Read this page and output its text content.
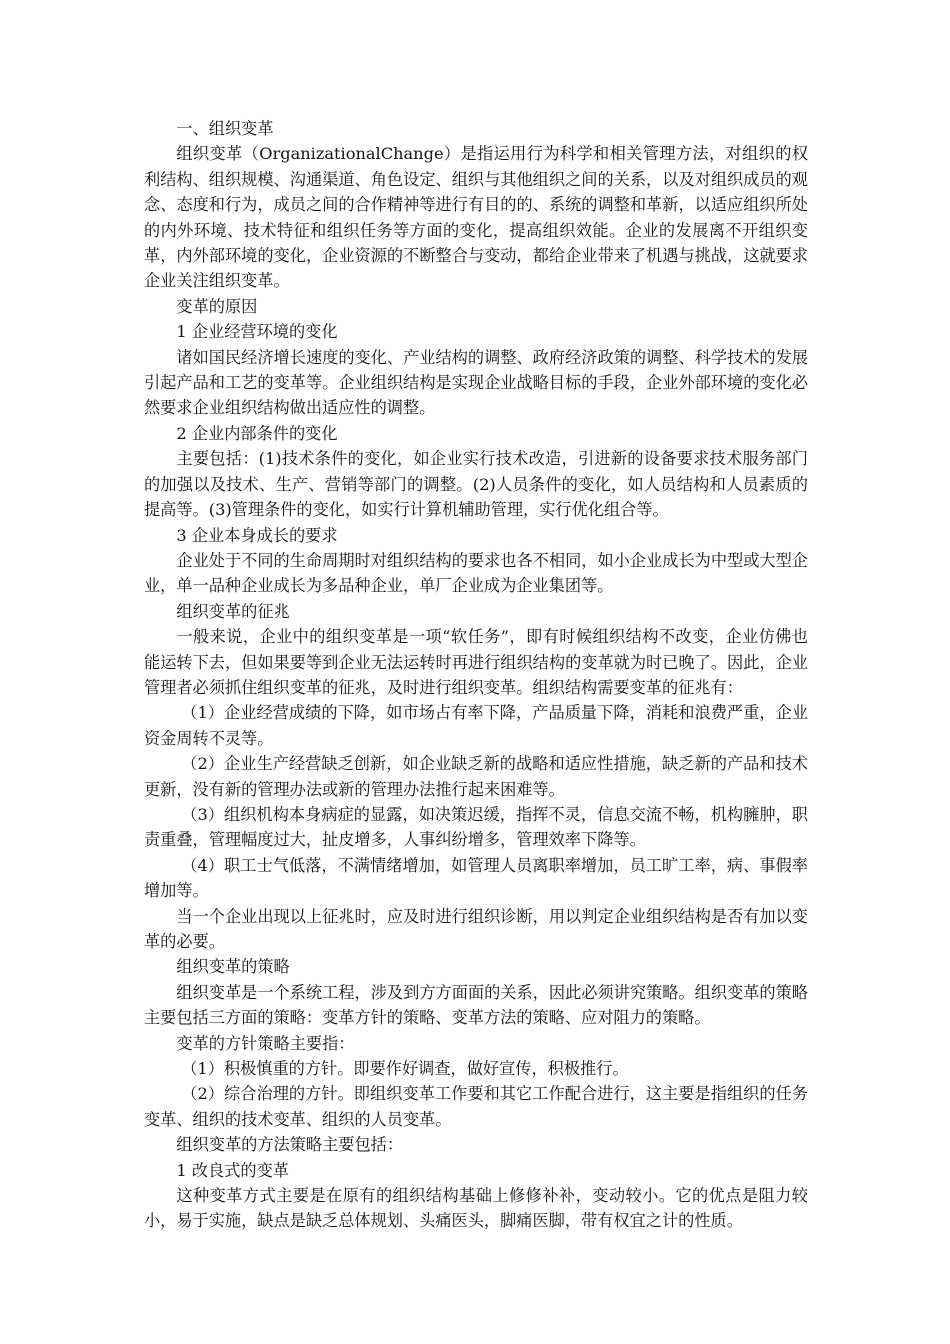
一、组织变革

组织变革（OrganizationalChange）是指运用行为科学和相关管理方法，对组织的权利结构、组织规模、沟通渠道、角色设定、组织与其他组织之间的关系，以及对组织成员的观念、态度和行为，成员之间的合作精神等进行有目的的、系统的调整和革新，以适应组织所处的内外环境、技术特征和组织任务等方面的变化，提高组织效能。企业的发展离不开组织变革，内外部环境的变化，企业资源的不断整合与变动，都给企业带来了机遇与挑战，这就要求企业关注组织变革。

变革的原因

1 企业经营环境的变化

诸如国民经济增长速度的变化、产业结构的调整、政府经济政策的调整、科学技术的发展引起产品和工艺的变革等。企业组织结构是实现企业战略目标的手段，企业外部环境的变化必然要求企业组织结构做出适应性的调整。

2 企业内部条件的变化

主要包括：(1)技术条件的变化，如企业实行技术改造，引进新的设备要求技术服务部门的加强以及技术、生产、营销等部门的调整。(2)人员条件的变化，如人员结构和人员素质的提高等。(3)管理条件的变化，如实行计算机辅助管理，实行优化组合等。

3 企业本身成长的要求

企业处于不同的生命周期时对组织结构的要求也各不相同，如小企业成长为中型或大型企业，单一品种企业成长为多品种企业，单厂企业成为企业集团等。

组织变革的征兆

一般来说，企业中的组织变革是一项“软任务”，即有时候组织结构不改变，企业仿佛也能运转下去，但如果要等到企业无法运转时再进行组织结构的变革就为时已晚了。因此，企业管理者必须抓住组织变革的征兆，及时进行组织变革。组织结构需要变革的征兆有：

（1）企业经营成绩的下降，如市场占有率下降，产品质量下降，消耗和浪费严重，企业资金周转不灵等。

（2）企业生产经营缺乏创新，如企业缺乏新的战略和适应性措施，缺乏新的产品和技术更新，没有新的管理办法或新的管理办法推行起来困难等。

（3）组织机构本身病症的显露，如决策迟缓，指挥不灵，信息交流不畅，机构臃肿，职责重叠，管理幅度过大，扯皮增多，人事纠纷增多，管理效率下降等。

（4）职工士气低落，不满情绪增加，如管理人员离职率增加，员工旷工率，病、事假率增加等。

当一个企业出现以上征兆时，应及时进行组织诊断，用以判定企业组织结构是否有加以变革的必要。

组织变革的策略

组织变革是一个系统工程，涉及到方方面面的关系，因此必须讲究策略。组织变革的策略主要包括三方面的策略：变革方针的策略、变革方法的策略、应对阻力的策略。

变革的方针策略主要指：

（1）积极慎重的方针。即要作好调查，做好宣传，积极推行。

（2）综合治理的方针。即组织变革工作要和其它工作配合进行，这主要是指组织的任务变革、组织的技术变革、组织的人员变革。

组织变革的方法策略主要包括：

1 改良式的变革

这种变革方式主要是在原有的组织结构基础上修修补补，变动较小。它的优点是阻力较小，易于实施，缺点是缺乏总体规划、头痛医头，脚痛医脚，带有权宜之计的性质。
